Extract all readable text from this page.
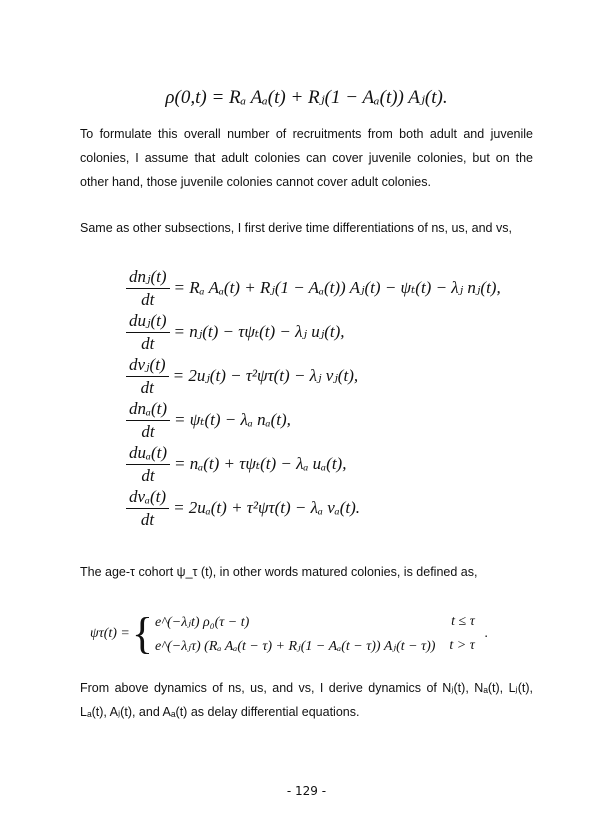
ρ(0,t) = Rₐ Aₐ(t) + Rⱼ(1 − Aₐ(t)) Aⱼ(t).

To formulate this overall number of recruitments from both adult and juvenile colonies, I assume that adult colonies can cover juvenile colonies, but on the other hand, those juvenile colonies cannot cover adult colonies.

Same as other subsections, I first derive time differentiations of ns, us, and vs,

$\frac{\text{dnⱼ(t)}}{dt} = R_a$ Aₐ(t) + Rⱼ(1 − Aₐ(t)) Aⱼ(t) − ψₜ(t) − λⱼ nⱼ(t),
$\frac{\text{duⱼ(t)}}{dt}$ = nⱼ(t) − τψₜ(t) − λⱼ uⱼ(t),
$\frac{\text{dvⱼ(t)}}{dt}$ = 2uⱼ(t) − τ²ψτ(t) − λⱼ vⱼ(t),
$\frac{\text{dnₐ(t)}}{dt} = \psi_t(t) - \lambda_a$ nₐ(t),
$\frac{\text{duₐ(t)}}{dt} = n_a(t) + \tau\psi_t(t) - \lambda_a$ uₐ(t),
$\frac{\text{dvₐ(t)}}{dt} = 2u_a(t) + \tau^2\psi\tau(t) - \lambda_a$ vₐ(t).

The age-τ cohort ψ_τ (t), in other words matured colonies, is defined as,

ψτ(t) = { e^(−λⱼt) ρ₀(τ − t)	t ≤ τ
e^(−λⱼτ) (Rₐ Aₐ(t − τ) + Rⱼ(1 − Aₐ(t − τ)) Aⱼ(t − τ)) t > τ
.

From above dynamics of ns, us, and vs, I derive dynamics of Nⱼ(t), Nₐ(t), Lⱼ(t), Lₐ(t), Aⱼ(t), and Aₐ(t) as delay differential equations.

- 129 -
